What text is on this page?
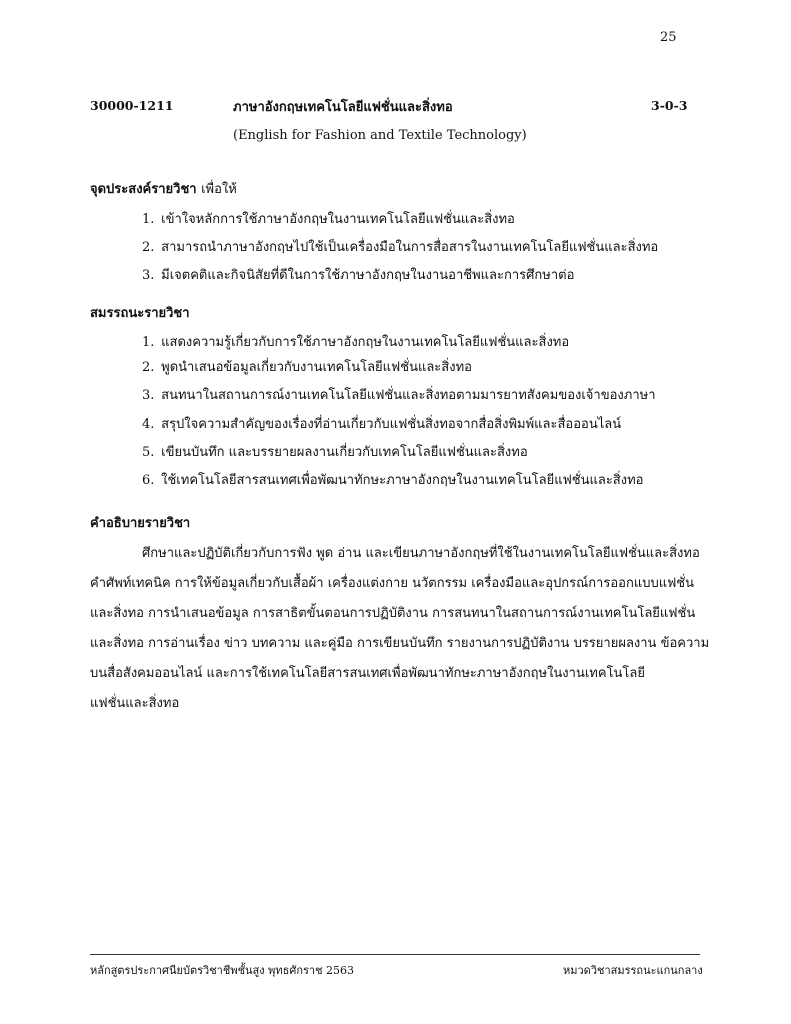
25
30000-1211	ภาษาอังกฤษเทคโนโลยีแฟชั่นและสิ่งทอ	3-0-3
(English for Fashion and Textile Technology)
จุดประสงค์รายวิชา เพื่อให้
1. เข้าใจหลักการใช้ภาษาอังกฤษในงานเทคโนโลยีแฟชั่นและสิ่งทอ
2. สามารถนำภาษาอังกฤษไปใช้เป็นเครื่องมือในการสื่อสารในงานเทคโนโลยีแฟชั่นและสิ่งทอ
3. มีเจตคติและกิจนิสัยที่ดีในการใช้ภาษาอังกฤษในงานอาชีพและการศึกษาต่อ
สมรรถนะรายวิชา
1. แสดงความรู้เกี่ยวกับการใช้ภาษาอังกฤษในงานเทคโนโลยีแฟชั่นและสิ่งทอ
2. พูดนำเสนอข้อมูลเกี่ยวกับงานเทคโนโลยีแฟชั่นและสิ่งทอ
3. สนทนาในสถานการณ์งานเทคโนโลยีแฟชั่นและสิ่งทอตามมารยาทสังคมของเจ้าของภาษา
4. สรุปใจความสำคัญของเรื่องที่อ่านเกี่ยวกับแฟชั่นสิ่งทอจากสื่อสิ่งพิมพ์และสื่อออนไลน์
5. เขียนบันทึก และบรรยายผลงานเกี่ยวกับเทคโนโลยีแฟชั่นและสิ่งทอ
6. ใช้เทคโนโลยีสารสนเทศเพื่อพัฒนาทักษะภาษาอังกฤษในงานเทคโนโลยีแฟชั่นและสิ่งทอ
คำอธิบายรายวิชา
ศึกษาและปฏิบัติเกี่ยวกับการฟัง พูด อ่าน และเขียนภาษาอังกฤษที่ใช้ในงานเทคโนโลยีแฟชั่นและสิ่งทอ
คำศัพท์เทคนิค การให้ข้อมูลเกี่ยวกับเสื้อผ้า เครื่องแต่งกาย นวัตกรรม เครื่องมือและอุปกรณ์การออกแบบแฟชั่น
และสิ่งทอ การนำเสนอข้อมูล การสาธิตขั้นตอนการปฏิบัติงาน การสนทนาในสถานการณ์งานเทคโนโลยีแฟชั่น
และสิ่งทอ การอ่านเรื่อง ข่าว บทความ และคู่มือ การเขียนบันทึก รายงานการปฏิบัติงาน บรรยายผลงาน ข้อความ
บนสื่อสังคมออนไลน์ และการใช้เทคโนโลยีสารสนเทศเพื่อพัฒนาทักษะภาษาอังกฤษในงานเทคโนโลยี
แฟชั่นและสิ่งทอ
หลักสูตรประกาศนียบัตรวิชาชีพชั้นสูง พุทธศักราช 2563	หมวดวิชาสมรรถนะแกนกลาง
